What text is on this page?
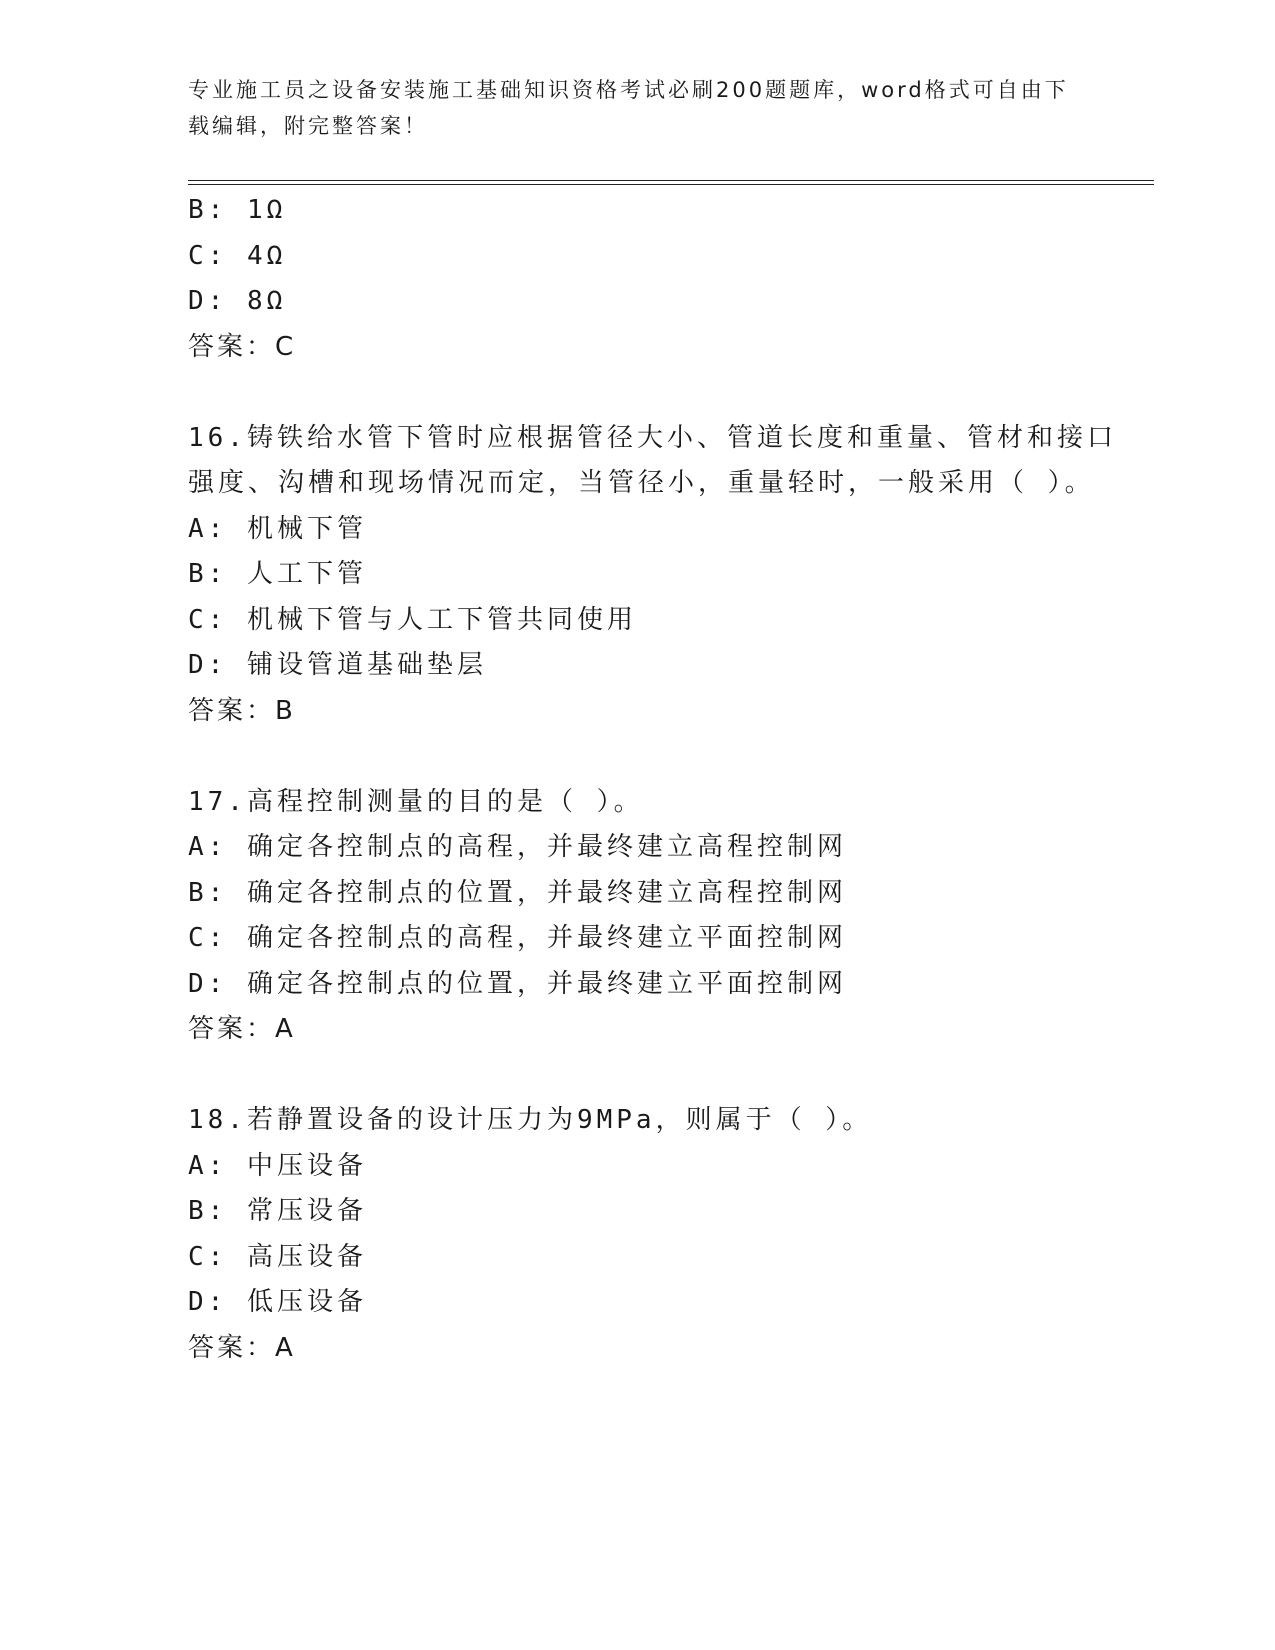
专业施工员之设备安装施工基础知识资格考试必刷200题题库，word格式可自由下载编辑，附完整答案！
B: 1Ω
C: 4Ω
D: 8Ω
答案：C
16.铸铁给水管下管时应根据管径大小、管道长度和重量、管材和接口
强度、沟槽和现场情况而定，当管径小，重量轻时，一般采用（ ）。
A: 机械下管
B: 人工下管
C: 机械下管与人工下管共同使用
D: 铺设管道基础垫层
答案：B
17.高程控制测量的目的是（ ）。
A: 确定各控制点的高程，并最终建立高程控制网
B: 确定各控制点的位置，并最终建立高程控制网
C: 确定各控制点的高程，并最终建立平面控制网
D: 确定各控制点的位置，并最终建立平面控制网
答案：A
18.若静置设备的设计压力为9MPa，则属于（ ）。
A: 中压设备
B: 常压设备
C: 高压设备
D: 低压设备
答案：A
